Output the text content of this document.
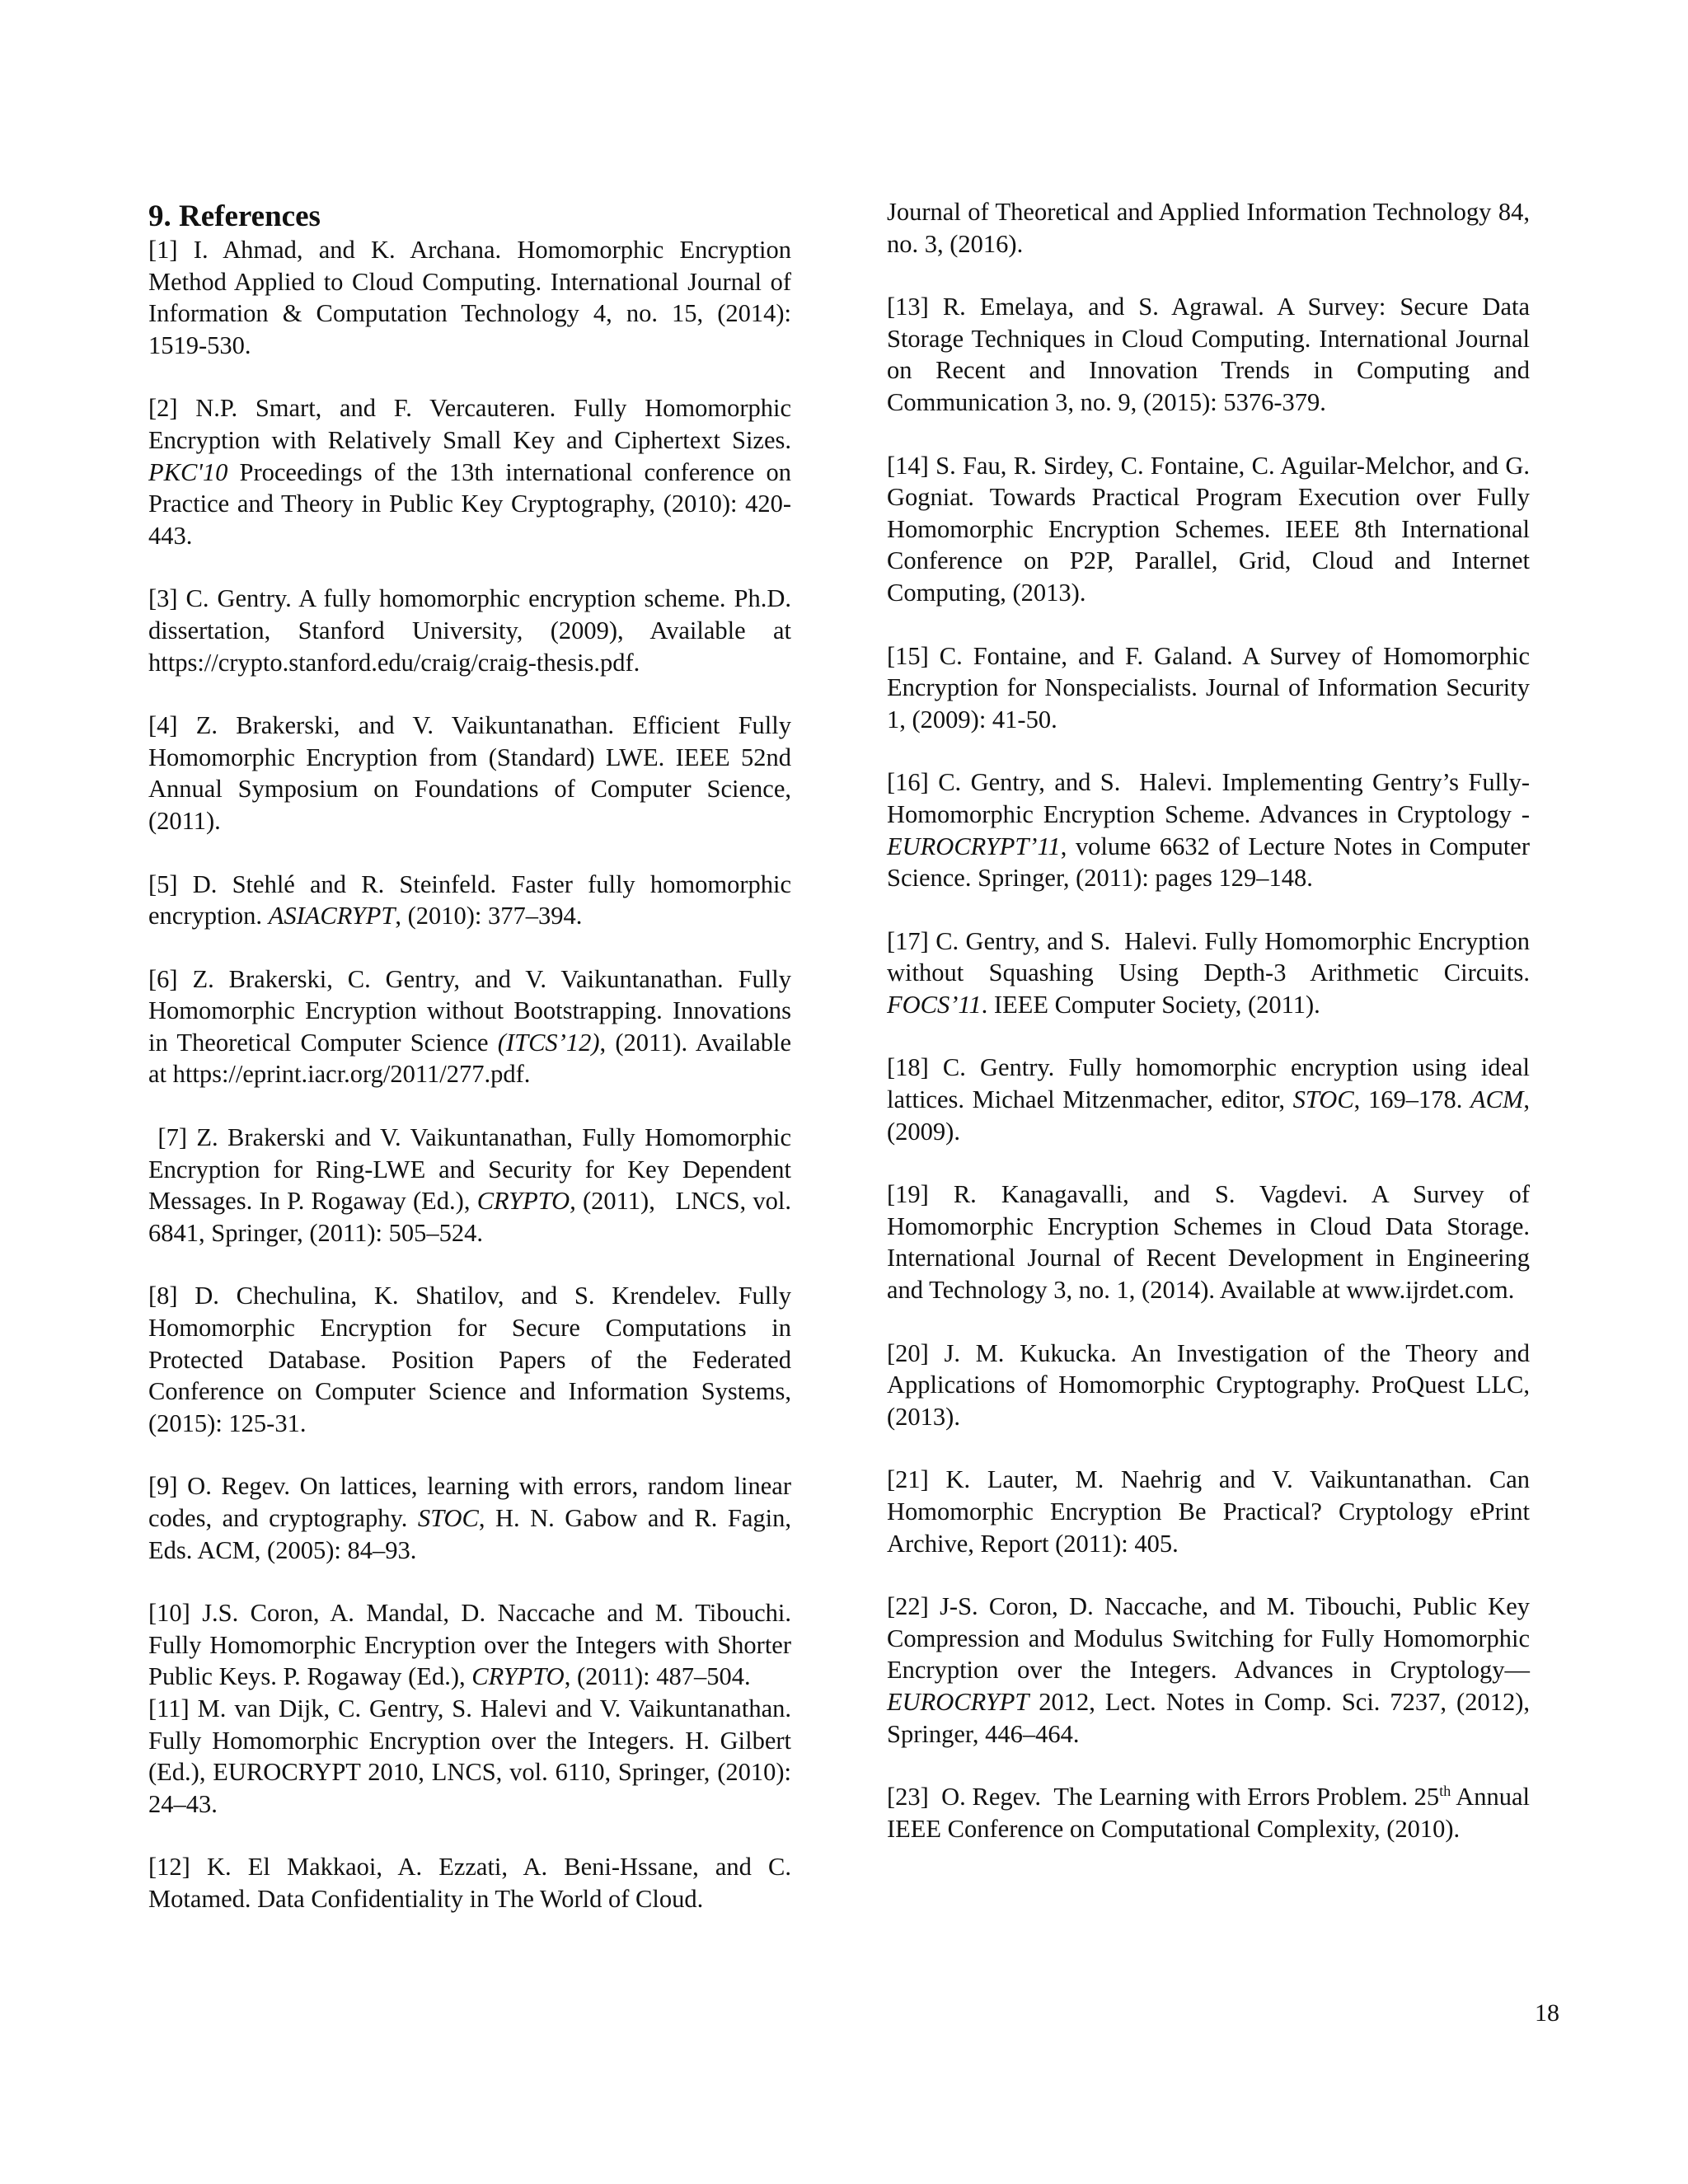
9. References
[1] I. Ahmad, and K. Archana. Homomorphic Encryption Method Applied to Cloud Computing. International Journal of Information & Computation Technology 4, no. 15, (2014): 1519-530.
[2] N.P. Smart, and F. Vercauteren. Fully Homomorphic Encryption with Relatively Small Key and Ciphertext Sizes. PKC'10 Proceedings of the 13th international conference on Practice and Theory in Public Key Cryptography, (2010): 420-443.
[3] C. Gentry. A fully homomorphic encryption scheme. Ph.D. dissertation, Stanford University, (2009), Available at https://crypto.stanford.edu/craig/craig-thesis.pdf.
[4] Z. Brakerski, and V. Vaikuntanathan. Efficient Fully Homomorphic Encryption from (Standard) LWE. IEEE 52nd Annual Symposium on Foundations of Computer Science, (2011).
[5] D. Stehlé and R. Steinfeld. Faster fully homomorphic encryption. ASIACRYPT, (2010): 377–394.
[6] Z. Brakerski, C. Gentry, and V. Vaikuntanathan. Fully Homomorphic Encryption without Bootstrapping. Innovations in Theoretical Computer Science (ITCS’12), (2011). Available at https://eprint.iacr.org/2011/277.pdf.
[7] Z. Brakerski and V. Vaikuntanathan, Fully Homomorphic Encryption for Ring-LWE and Security for Key Dependent Messages. In P. Rogaway (Ed.), CRYPTO, (2011),   LNCS, vol. 6841, Springer, (2011): 505–524.
[8] D. Chechulina, K. Shatilov, and S. Krendelev. Fully Homomorphic Encryption for Secure Computations in Protected Database. Position Papers of the Federated Conference on Computer Science and Information Systems, (2015): 125-31.
[9] O. Regev. On lattices, learning with errors, random linear codes, and cryptography. STOC, H. N. Gabow and R. Fagin, Eds. ACM, (2005): 84–93.
[10] J.S. Coron, A. Mandal, D. Naccache and M. Tibouchi. Fully Homomorphic Encryption over the Integers with Shorter Public Keys. P. Rogaway (Ed.), CRYPTO, (2011): 487–504.
[11] M. van Dijk, C. Gentry, S. Halevi and V. Vaikuntanathan. Fully Homomorphic Encryption over the Integers. H. Gilbert (Ed.), EUROCRYPT 2010, LNCS, vol. 6110, Springer, (2010): 24–43.
[12] K. El Makkaoi, A. Ezzati, A. Beni-Hssane, and C. Motamed. Data Confidentiality in The World of Cloud.
Journal of Theoretical and Applied Information Technology 84, no. 3, (2016).
[13] R. Emelaya, and S. Agrawal. A Survey: Secure Data Storage Techniques in Cloud Computing. International Journal on Recent and Innovation Trends in Computing and Communication 3, no. 9, (2015): 5376-379.
[14] S. Fau, R. Sirdey, C. Fontaine, C. Aguilar-Melchor, and G. Gogniat. Towards Practical Program Execution over Fully Homomorphic Encryption Schemes. IEEE 8th International Conference on P2P, Parallel, Grid, Cloud and Internet Computing, (2013).
[15] C. Fontaine, and F. Galand. A Survey of Homomorphic Encryption for Nonspecialists. Journal of Information Security 1, (2009): 41-50.
[16] C. Gentry, and S.  Halevi. Implementing Gentry’s Fully-Homomorphic Encryption Scheme. Advances in Cryptology - EUROCRYPT’11, volume 6632 of Lecture Notes in Computer Science. Springer, (2011): pages 129–148.
[17] C. Gentry, and S.  Halevi. Fully Homomorphic Encryption without Squashing Using Depth-3 Arithmetic Circuits. FOCS’11. IEEE Computer Society, (2011).
[18] C. Gentry. Fully homomorphic encryption using ideal lattices. Michael Mitzenmacher, editor, STOC, 169–178. ACM, (2009).
[19] R. Kanagavalli, and S. Vagdevi. A Survey of Homomorphic Encryption Schemes in Cloud Data Storage. International Journal of Recent Development in Engineering and Technology 3, no. 1, (2014). Available at www.ijrdet.com.
[20] J. M. Kukucka. An Investigation of the Theory and Applications of Homomorphic Cryptography. ProQuest LLC, (2013).
[21] K. Lauter, M. Naehrig and V. Vaikuntanathan. Can Homomorphic Encryption Be Practical? Cryptology ePrint Archive, Report (2011): 405.
[22] J-S. Coron, D. Naccache, and M. Tibouchi, Public Key Compression and Modulus Switching for Fully Homomorphic Encryption over the Integers. Advances in Cryptology—EUROCRYPT 2012, Lect. Notes in Comp. Sci. 7237, (2012), Springer, 446–464.
[23]  O. Regev.  The Learning with Errors Problem. 25th Annual IEEE Conference on Computational Complexity, (2010).
18
